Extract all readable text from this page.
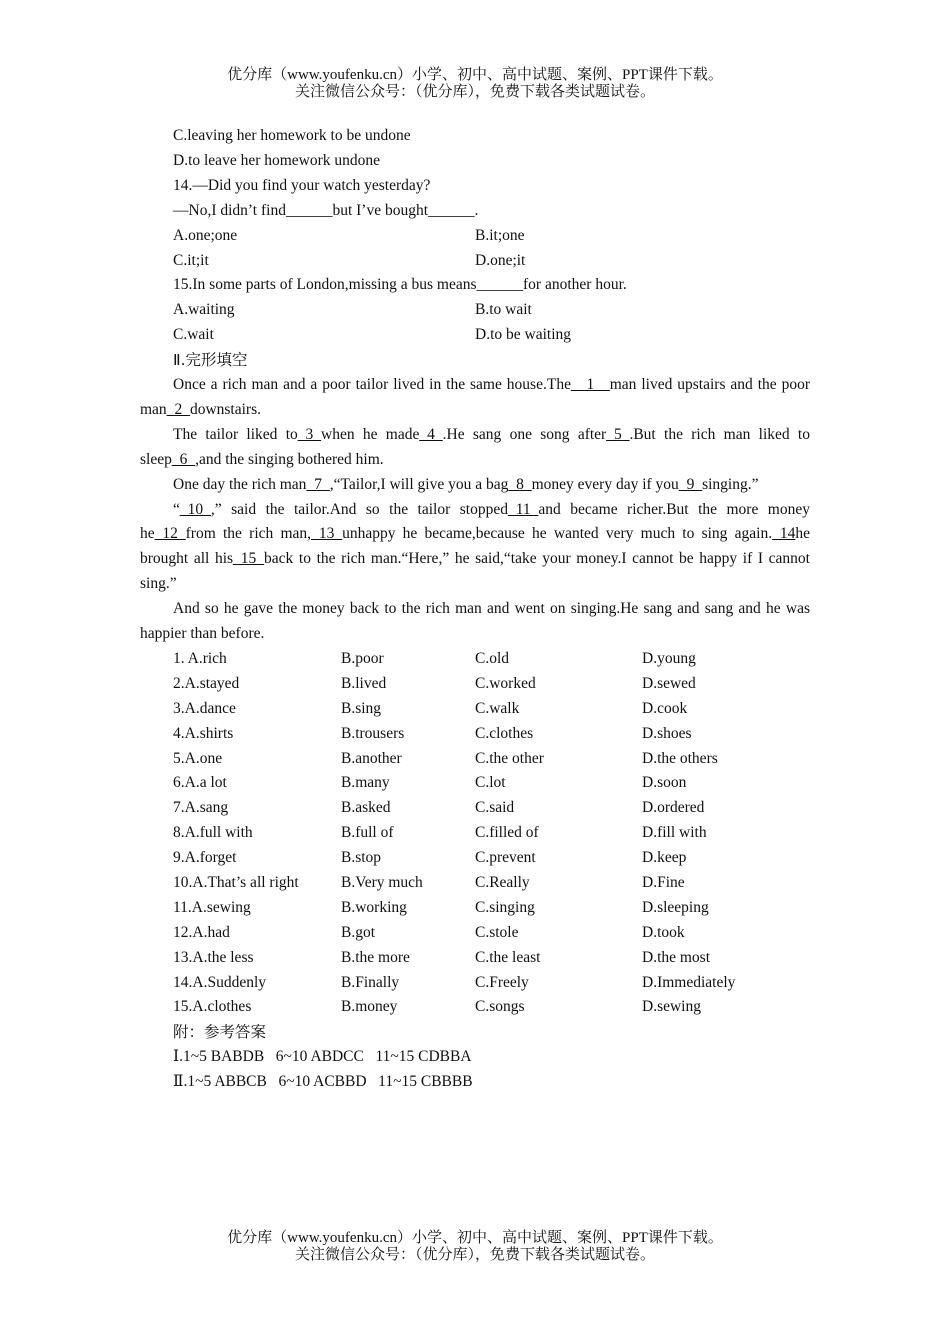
优分库（www.youfenku.cn）小学、初中、高中试题、案例、PPT课件下载。
关注微信公众号：（优分库），免费下载各类试题试卷。
C.leaving her homework to be undone
D.to leave her homework undone
14.—Did you find your watch yesterday?
—No,I didn’t find______but I’ve bought______.
A.one;one	B.it;one
C.it;it	D.one;it
15.In some parts of London,missing a bus means______for another hour.
A.waiting	B.to wait
C.wait	D.to be waiting
Ⅱ.完形填空
Once a rich man and a poor tailor lived in the same house.The__1__man lived upstairs and the poor man_2_downstairs.
The tailor liked to_3_when he made_4_.He sang one song after_5_.But the rich man liked to sleep_6_,and the singing bothered him.
One day the rich man_7_,“Tailor,I will give you a bag_8_money every day if you_9_singing.”
“_10_,” said the tailor.And so the tailor stopped_11_and became richer.But the more money he_12_from the rich man,_13_unhappy he became,because he wanted very much to sing again._14he brought all his_15_back to the rich man.“Here,” he said,“take your money.I cannot be happy if I cannot sing.”
And so he gave the money back to the rich man and went on singing.He sang and sang and he was happier than before.
1. A.rich	B.poor	C.old	D.young
2.A.stayed	B.lived	C.worked	D.sewed
3.A.dance	B.sing	C.walk	D.cook
4.A.shirts	B.trousers	C.clothes	D.shoes
5.A.one	B.another	C.the other	D.the others
6.A.a lot	B.many	C.lot	D.soon
7.A.sang	B.asked	C.said	D.ordered
8.A.full with	B.full of	C.filled of	D.fill with
9.A.forget	B.stop	C.prevent	D.keep
10.A.That’s all right	B.Very much	C.Really	D.Fine
11.A.sewing	B.working	C.singing	D.sleeping
12.A.had	B.got	C.stole	D.took
13.A.the less	B.the more	C.the least	D.the most
14.A.Suddenly	B.Finally	C.Freely	D.Immediately
15.A.clothes	B.money	C.songs	D.sewing
附：参考答案
Ⅰ.1~5 BABDB   6~10 ABDCC   11~15 CDBBA
Ⅱ.1~5 ABBCB   6~10 ACBBD   11~15 CBBBB
优分库（www.youfenku.cn）小学、初中、高中试题、案例、PPT课件下载。
关注微信公众号：（优分库），免费下载各类试题试卷。
